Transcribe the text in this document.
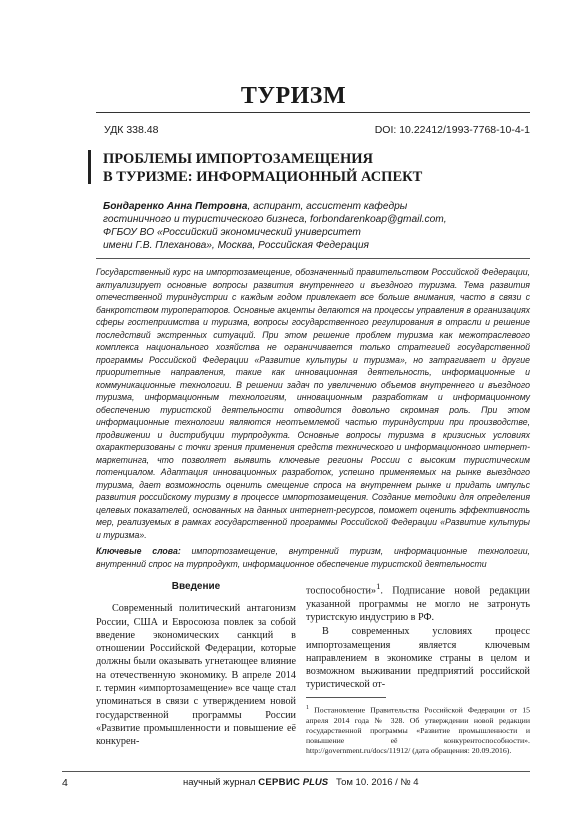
ТУРИЗМ
УДК 338.48	DOI: 10.22412/1993-7768-10-4-1
ПРОБЛЕМЫ ИМПОРТОЗАМЕЩЕНИЯ
В ТУРИЗМЕ: ИНФОРМАЦИОННЫЙ АСПЕКТ
Бондаренко Анна Петровна, аспирант, ассистент кафедры
гостиничного и туристического бизнеса, forbondarenkoap@gmail.com,
ФГБОУ ВО «Российский экономический университет
имени Г.В. Плеханова», Москва, Российская Федерация
Государственный курс на импортозамещение, обозначенный правительством Российской Федерации, актуализирует основные вопросы развития внутреннего и въездного туризма. Тема развития отечественной туриндустрии с каждым годом привлекает все больше внимания, часто в связи с банкротством туроператоров. Основные акценты делаются на процессы управления в организациях сферы гостеприимства и туризма, вопросы государственного регулирования в отрасли и решение последствий экстренных ситуаций. При этом решение проблем туризма как межотраслевого комплекса национального хозяйства не ограничивается только стратегией государственной программы Российской Федерации «Развитие культуры и туризма», но затрагивает и другие приоритетные направления, такие как инновационная деятельность, информационные и коммуникационные технологии. В решении задач по увеличению объемов внутреннего и въездного туризма, информационным технологиям, инновационным разработкам и информационному обеспечению туристской деятельности отводится довольно скромная роль. При этом информационные технологии являются неотъемлемой частью туриндустрии при производстве, продвижении и дистрибуции турпродукта. Основные вопросы туризма в кризисных условиях охарактеризованы с точки зрения применения средств технического и информационного интернет-маркетинга, что позволяет выявить ключевые регионы России с высоким туристическим потенциалом. Адаптация инновационных разработок, успешно применяемых на рынке выездного туризма, дает возможность оценить смещение спроса на внутреннем рынке и придать импульс развития российскому туризму в процессе импортозамещения. Создание методики для определения целевых показателей, основанных на данных интернет-ресурсов, поможет оценить эффективность мер, реализуемых в рамках государственной программы Российской Федерации «Развитие культуры и туризма».
Ключевые слова: импортозамещение, внутренний туризм, информационные технологии, внутренний спрос на турпродукт, информационное обеспечение туристской деятельности
Введение

Современный политический антагонизм России, США и Евросоюза повлек за собой введение экономических санкций в отношении Российской Федерации, которые должны были оказывать угнетающее влияние на отечественную экономику. В апреле 2014 г. термин «импортозамещение» все чаще стал упоминаться в связи с утверждением новой государственной программы России «Развитие промышленности и повышение её конкурен-

тоспособности»$^1$. Подписание новой редакции указанной программы не могло не затронуть туристскую индустрию в РФ.

В современных условиях процесс импортозамещения является ключевым направлением в экономике страны в целом и возможном выживании предприятий российской туристической от-

$^1$ Постановление Правительства Российской Федерации от 15 апреля 2014 года № 328. Об утверждении новой редакции государственной программы «Развитие промышленности и повышение её конкурентоспособности». http://government.ru/docs/11912/ (дата обращения: 20.09.2016).
4	научный журнал СЕРВИС PLUS Том 10. 2016 / № 4
